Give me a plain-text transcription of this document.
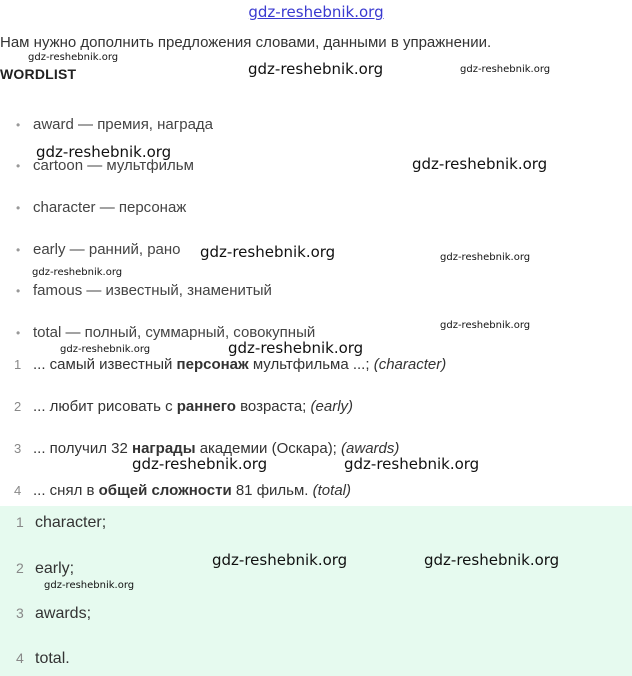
gdz-reshebnik.org
Нам нужно дополнить предложения словами, данными в упражнении.
WORDLIST
• award — премия, награда
• cartoon — мультфильм
• character — персонаж
• early — ранний, рано
• famous — известный, знаменитый
• total — полный, суммарный, совокупный
1 ... самый известный персонаж мультфильма ...; (character)
2 ... любит рисовать с раннего возраста; (early)
3 ... получил 32 награды академии (Оскара); (awards)
4 ... снял в общей сложности 81 фильм. (total)
1 character;
2 early;
3 awards;
4 total.
gdz-reshebnik.org
gdz-reshebnik.org	gdz-reshebnik.org
gdz-reshebnik.org
gdz-reshebnik.org
gdz-reshebnik.org	gdz-reshebnik.org
gdz-reshebnik.org
gdz-reshebnik.org
gdz-reshebnik.org	gdz-reshebnik.org
gdz-reshebnik.org	gdz-reshebnik.org
gdz-reshebnik.org	gdz-reshebnik.org
gdz-reshebnik.org
